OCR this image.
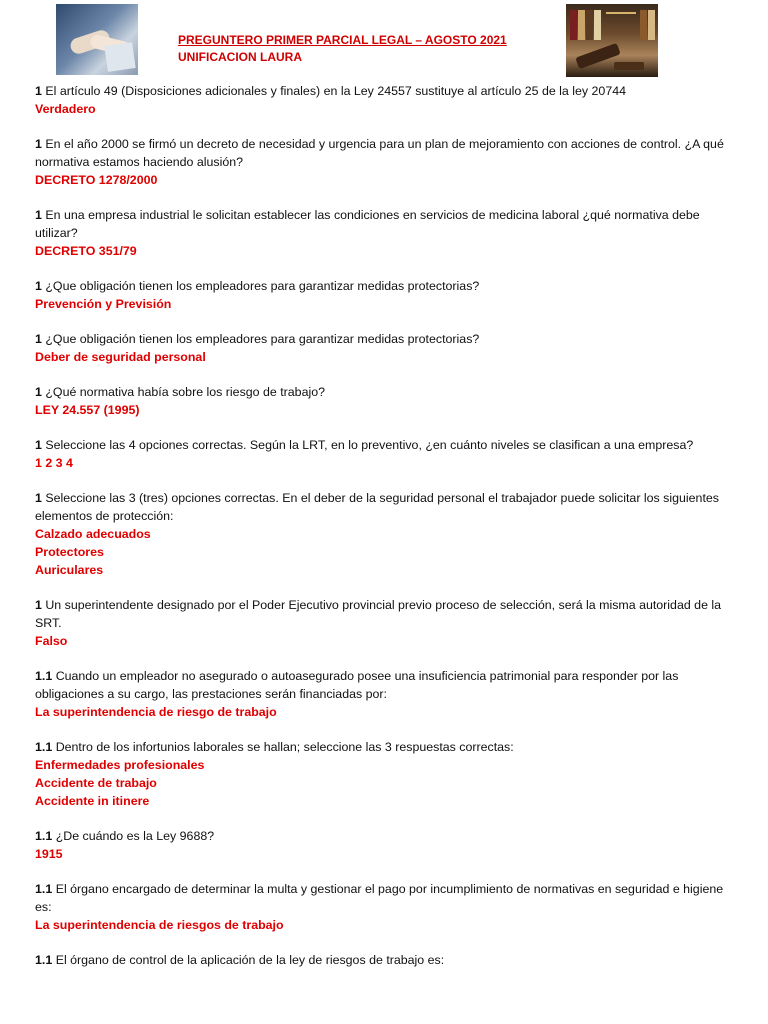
PREGUNTERO PRIMER PARCIAL LEGAL – AGOSTO 2021
UNIFICACION LAURA
1 El artículo 49 (Disposiciones adicionales y finales) en la Ley 24557 sustituye al artículo 25 de la ley 20744
Verdadero
1 En el año 2000 se firmó un decreto de necesidad y urgencia para un plan de mejoramiento con acciones de control. ¿A qué normativa estamos haciendo alusión?
DECRETO 1278/2000
1 En una empresa industrial le solicitan establecer las condiciones en servicios de medicina laboral ¿qué normativa debe utilizar?
DECRETO 351/79
1 ¿Que obligación tienen los empleadores para garantizar medidas protectorias?
Prevención y Previsión
1 ¿Que obligación tienen los empleadores para garantizar medidas protectorias?
Deber de seguridad personal
1 ¿Qué normativa había sobre los riesgo de trabajo?
LEY 24.557 (1995)
1 Seleccione las 4 opciones correctas. Según la LRT, en lo preventivo, ¿en cuánto niveles se clasifican a una empresa?
1 2 3 4
1 Seleccione las 3 (tres) opciones correctas. En el deber de la seguridad personal el trabajador puede solicitar los siguientes elementos de protección:
Calzado adecuados
Protectores
Auriculares
1 Un superintendente designado por el Poder Ejecutivo provincial previo proceso de selección, será la misma autoridad de la SRT.
Falso
1.1 Cuando un empleador no asegurado o autoasegurado posee una insuficiencia patrimonial para responder por las obligaciones a su cargo, las prestaciones serán financiadas por:
La superintendencia de riesgo de trabajo
1.1 Dentro de los infortunios laborales se hallan; seleccione las 3 respuestas correctas:
Enfermedades profesionales
Accidente de trabajo
Accidente in itinere
1.1 ¿De cuándo es la Ley 9688?
1915
1.1 El órgano encargado de determinar la multa y gestionar el pago por incumplimiento de normativas en seguridad e higiene es:
La superintendencia de riesgos de trabajo
1.1 El órgano de control de la aplicación de la ley de riesgos de trabajo es:
